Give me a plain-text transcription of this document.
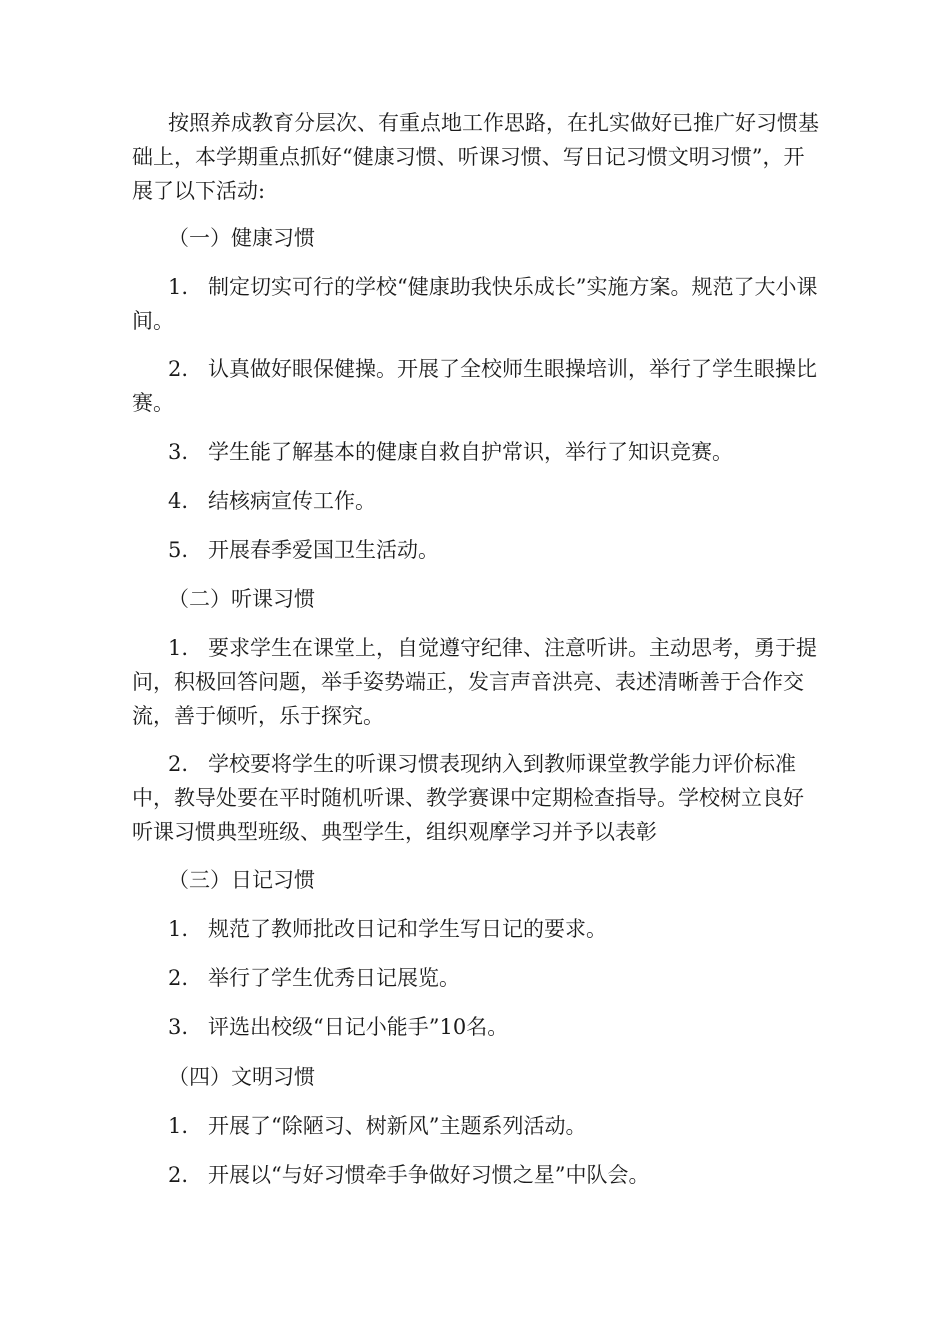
按照养成教育分层次、有重点地工作思路，在扎实做好已推广好习惯基础上，本学期重点抓好“健康习惯、听课习惯、写日记习惯文明习惯”，开展了以下活动:

（一）健康习惯

1. 制定切实可行的学校“健康助我快乐成长”实施方案。规范了大小课间。

2. 认真做好眼保健操。开展了全校师生眼操培训，举行了学生眼操比赛。

3. 学生能了解基本的健康自救自护常识，举行了知识竞赛。

4. 结核病宣传工作。

5. 开展春季爱国卫生活动。

（二）听课习惯

1. 要求学生在课堂上，自觉遵守纪律、注意听讲。主动思考，勇于提问，积极回答问题，举手姿势端正，发言声音洪亮、表述清晰善于合作交流，善于倾听，乐于探究。

2. 学校要将学生的听课习惯表现纳入到教师课堂教学能力评价标准中，教导处要在平时随机听课、教学赛课中定期检查指导。学校树立良好听课习惯典型班级、典型学生，组织观摩学习并予以表彰

（三）日记习惯

1. 规范了教师批改日记和学生写日记的要求。

2. 举行了学生优秀日记展览。

3. 评选出校级“日记小能手”10名。

（四）文明习惯

1. 开展了“除陋习、树新风”主题系列活动。

2. 开展以“与好习惯牵手争做好习惯之星”中队会。
